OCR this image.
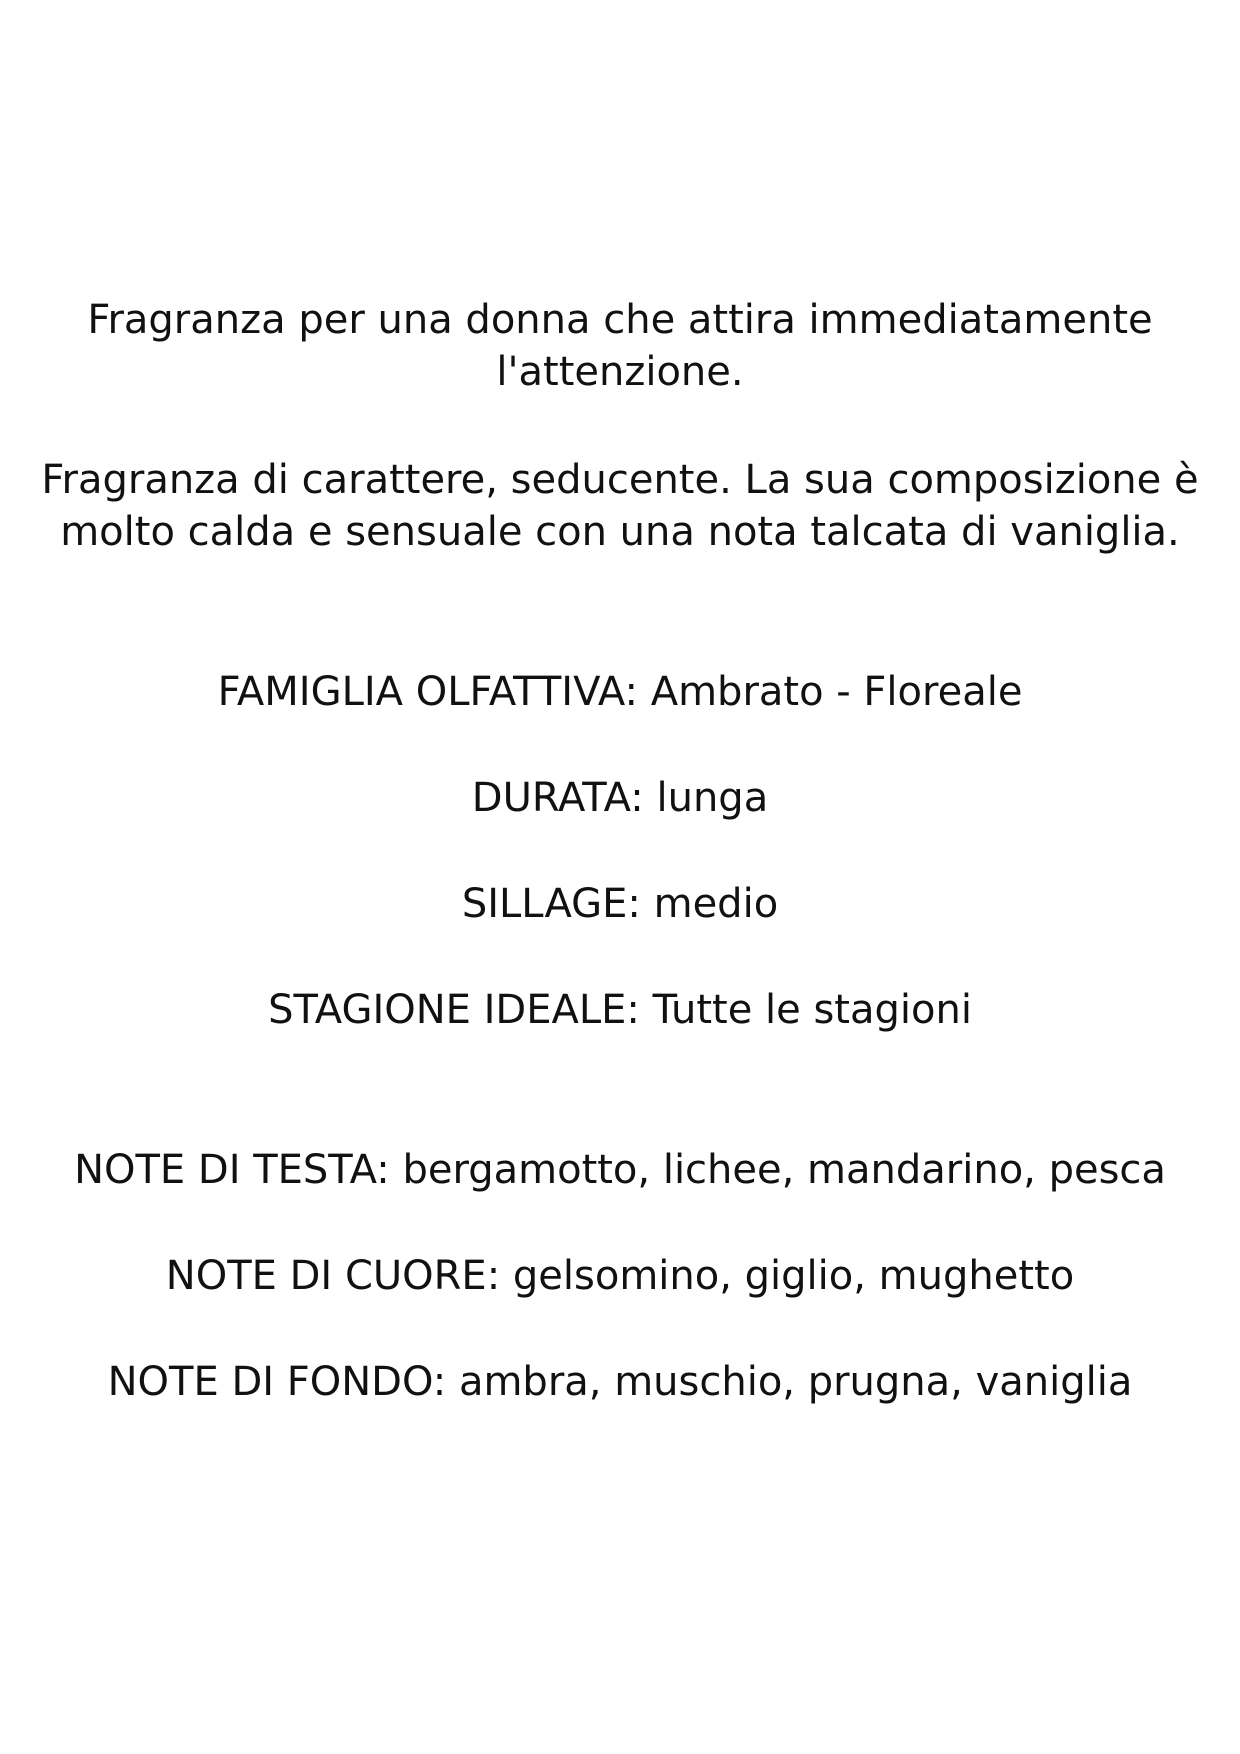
Fragranza per una donna che attira immediatamente
l'attenzione.
Fragranza di carattere, seducente. La sua composizione è
molto calda e sensuale con una nota talcata di vaniglia.
FAMIGLIA OLFATTIVA: Ambrato - Floreale
DURATA: lunga
SILLAGE: medio
STAGIONE IDEALE: Tutte le stagioni
NOTE DI TESTA: bergamotto, lichee, mandarino, pesca
NOTE DI CUORE: gelsomino, giglio, mughetto
NOTE DI FONDO: ambra, muschio, prugna, vaniglia
